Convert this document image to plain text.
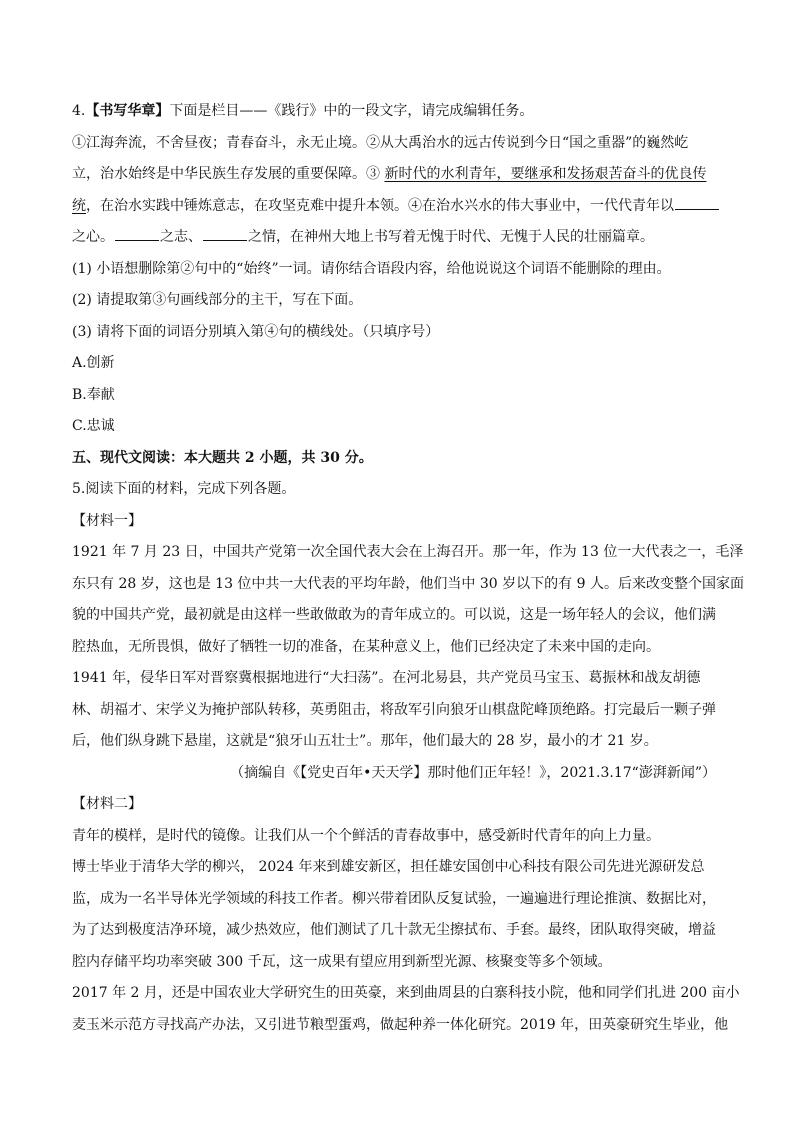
4.【书写华章】下面是栏目——《践行》中的一段文字，请完成编辑任务。
①江海奔流，不舍昼夜；青春奋斗，永无止境。②从大禹治水的远古传说到今日“国之重器”的巍然屹
立，治水始终是中华民族生存发展的重要保障。③ 新时代的水利青年，要继承和发扬艰苦奋斗的优良传
统，在治水实践中锤炼意志，在攻坚克难中提升本领。④在治水兴水的伟大事业中，一代代青年以
之心。	之志、	之情，在神州大地上书写着无愧于时代、无愧于人民的壮丽篇章。
(1) 小语想删除第②句中的“始终”一词。请你结合语段内容，给他说说这个词语不能删除的理由。
(2) 请提取第③句画线部分的主干，写在下面。
(3) 请将下面的词语分别填入第④句的横线处。（只填序号）
A.创新
B.奉献
C.忠诚
五、现代文阅读：本大题共 2 小题，共 30 分。
5.阅读下面的材料，完成下列各题。
【材料一】
1921 年 7 月 23 日，中国共产党第一次全国代表大会在上海召开。那一年，作为 13 位一大代表之一，毛泽
东只有 28 岁，这也是 13 位中共一大代表的平均年龄，他们当中 30 岁以下的有 9 人。后来改变整个国家面
貌的中国共产党，最初就是由这样一些敢做敢为的青年成立的。可以说，这是一场年轻人的会议，他们满
腔热血，无所畏惧，做好了牺牲一切的准备，在某种意义上，他们已经决定了未来中国的走向。
1941 年，侵华日军对晋察冀根据地进行“大扫荡”。在河北易县，共产党员马宝玉、葛振林和战友胡德
林、胡福才、宋学义为掩护部队转移，英勇阻击，将敌军引向狼牙山棋盘陀峰顶绝路。打完最后一颗子弹
后，他们纵身跳下悬崖，这就是“狼牙山五壮士”。那年，他们最大的 28 岁，最小的才 21 岁。
（摘编自《【党史百年•天天学】那时他们正年轻！》，2021.3.17“澎湃新闻”）
【材料二】
青年的模样，是时代的镜像。让我们从一个个鲜活的青春故事中，感受新时代青年的向上力量。
博士毕业于清华大学的柳兴， 2024 年来到雄安新区，担任雄安国创中心科技有限公司先进光源研发总
监，成为一名半导体光学领域的科技工作者。柳兴带着团队反复试验，一遍遍进行理论推演、数据比对，
为了达到极度洁净环境，减少热效应，他们测试了几十款无尘擦拭布、手套。最终，团队取得突破，增益
腔内存储平均功率突破 300 千瓦，这一成果有望应用到新型光源、核聚变等多个领域。
2017 年 2 月，还是中国农业大学研究生的田英豪，来到曲周县的白寨科技小院，他和同学们扎进 200 亩小
麦玉米示范方寻找高产办法，又引进节粮型蛋鸡，做起种养一体化研究。2019 年，田英豪研究生毕业，他
